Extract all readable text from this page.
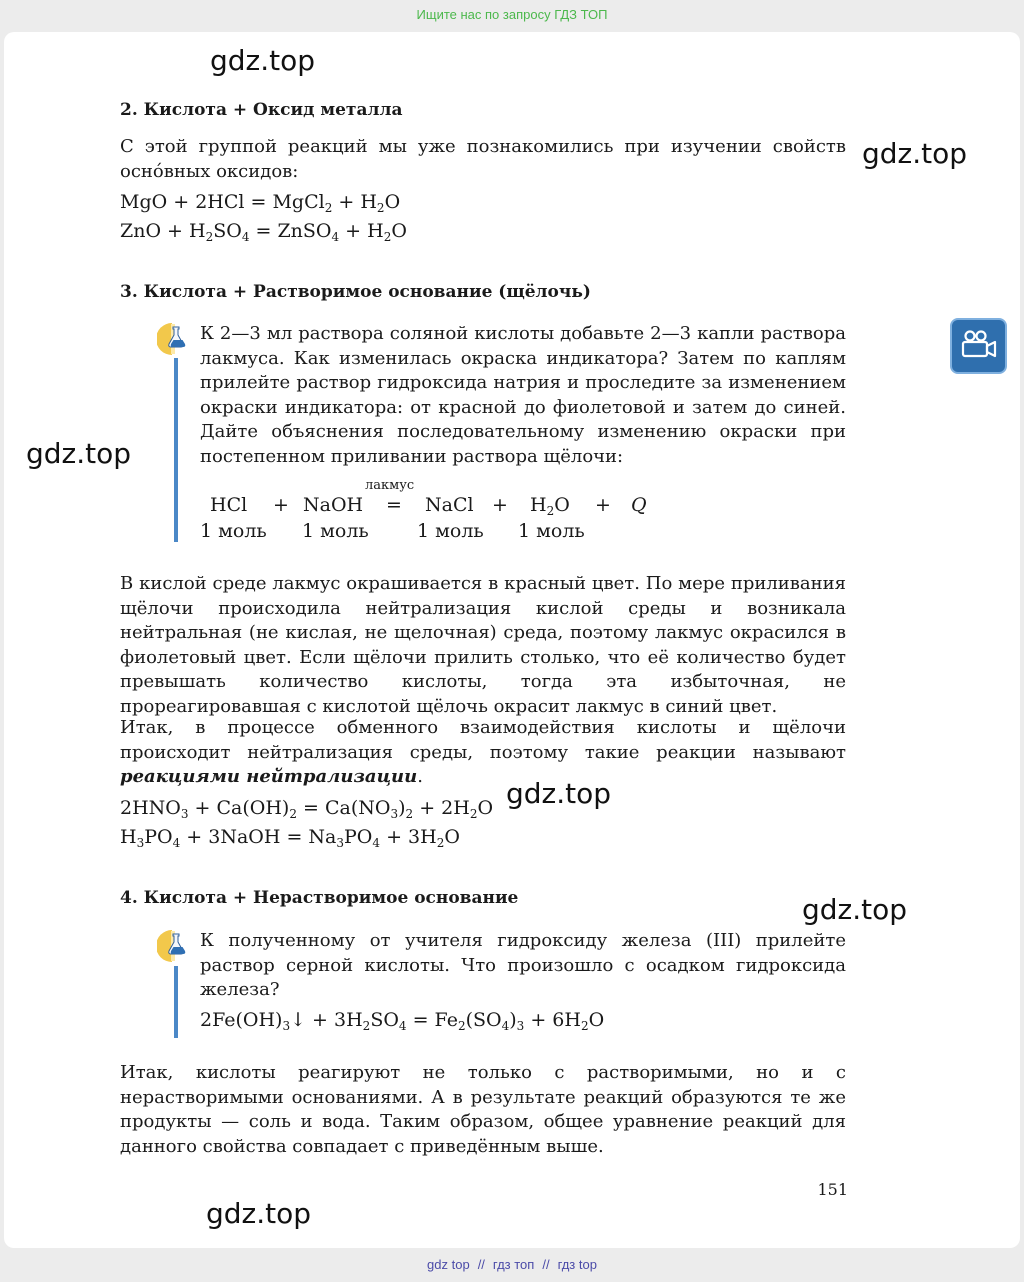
Ищите нас по запросу ГДЗ ТОП
gdz.top
gdz.top
gdz.top
gdz.top
gdz.top
gdz.top
2. Кислота + Оксид металла
С этой группой реакций мы уже познакомились при изучении свойств оснóвных оксидов:
MgO + 2HCl = MgCl$_2$ + $H_2O$
ZnO + $H_2SO_4$ = ZnSO$_4$ + $H_2O$
3. Кислота + Растворимое основание (щёлочь)
К 2—3 мл раствора соляной кислоты добавьте 2—3 капли раствора лакмуса. Как изменилась окраска индикатора? Затем по каплям прилейте раствор гидроксида натрия и проследите за изменением окраски индикатора: от красной до фиолетовой и затем до синей. Дайте объяснения последовательному изменению окраски при постепенном приливании раствора щёлочи:
лакмус
HCl + NaOH = NaCl + $H_2O + Q$
1 моль 1 моль	1 моль 1 моль
В кислой среде лакмус окрашивается в красный цвет. По мере приливания щёлочи происходила нейтрализация кислой среды и возникала нейтральная (не кислая, не щелочная) среда, поэтому лакмус окрасился в фиолетовый цвет. Если щёлочи прилить столько, что её количество будет превышать количество кислоты, тогда эта избыточная, не прореагировавшая с кислотой щёлочь окрасит лакмус в синий цвет.
Итак, в процессе обменного взаимодействия кислоты и щёлочи происходит нейтрализация среды, поэтому такие реакции называют реакциями нейтрализации.
$2HNO_3 + Ca(OH)_2 = Ca(NO_3)_2 + 2H_2O$
$H_3PO_4$ + 3NaOH = $Na_3PO_4 + 3H_2O$
4. Кислота + Нерастворимое основание
К полученному от учителя гидроксиду железа (III) прилейте раствор серной кислоты. Что произошло с осадком гидроксида железа?
$2Fe(OH)_3↓ + 3H_2SO_4 = Fe_2(SO_4)_3 + 6H_2O$
Итак, кислоты реагируют не только с растворимыми, но и с нерастворимыми основаниями. А в результате реакций образуются те же продукты — соль и вода. Таким образом, общее уравнение реакций для данного свойства совпадает с приведённым выше.
151
gdz top // гдз топ // гдз top
